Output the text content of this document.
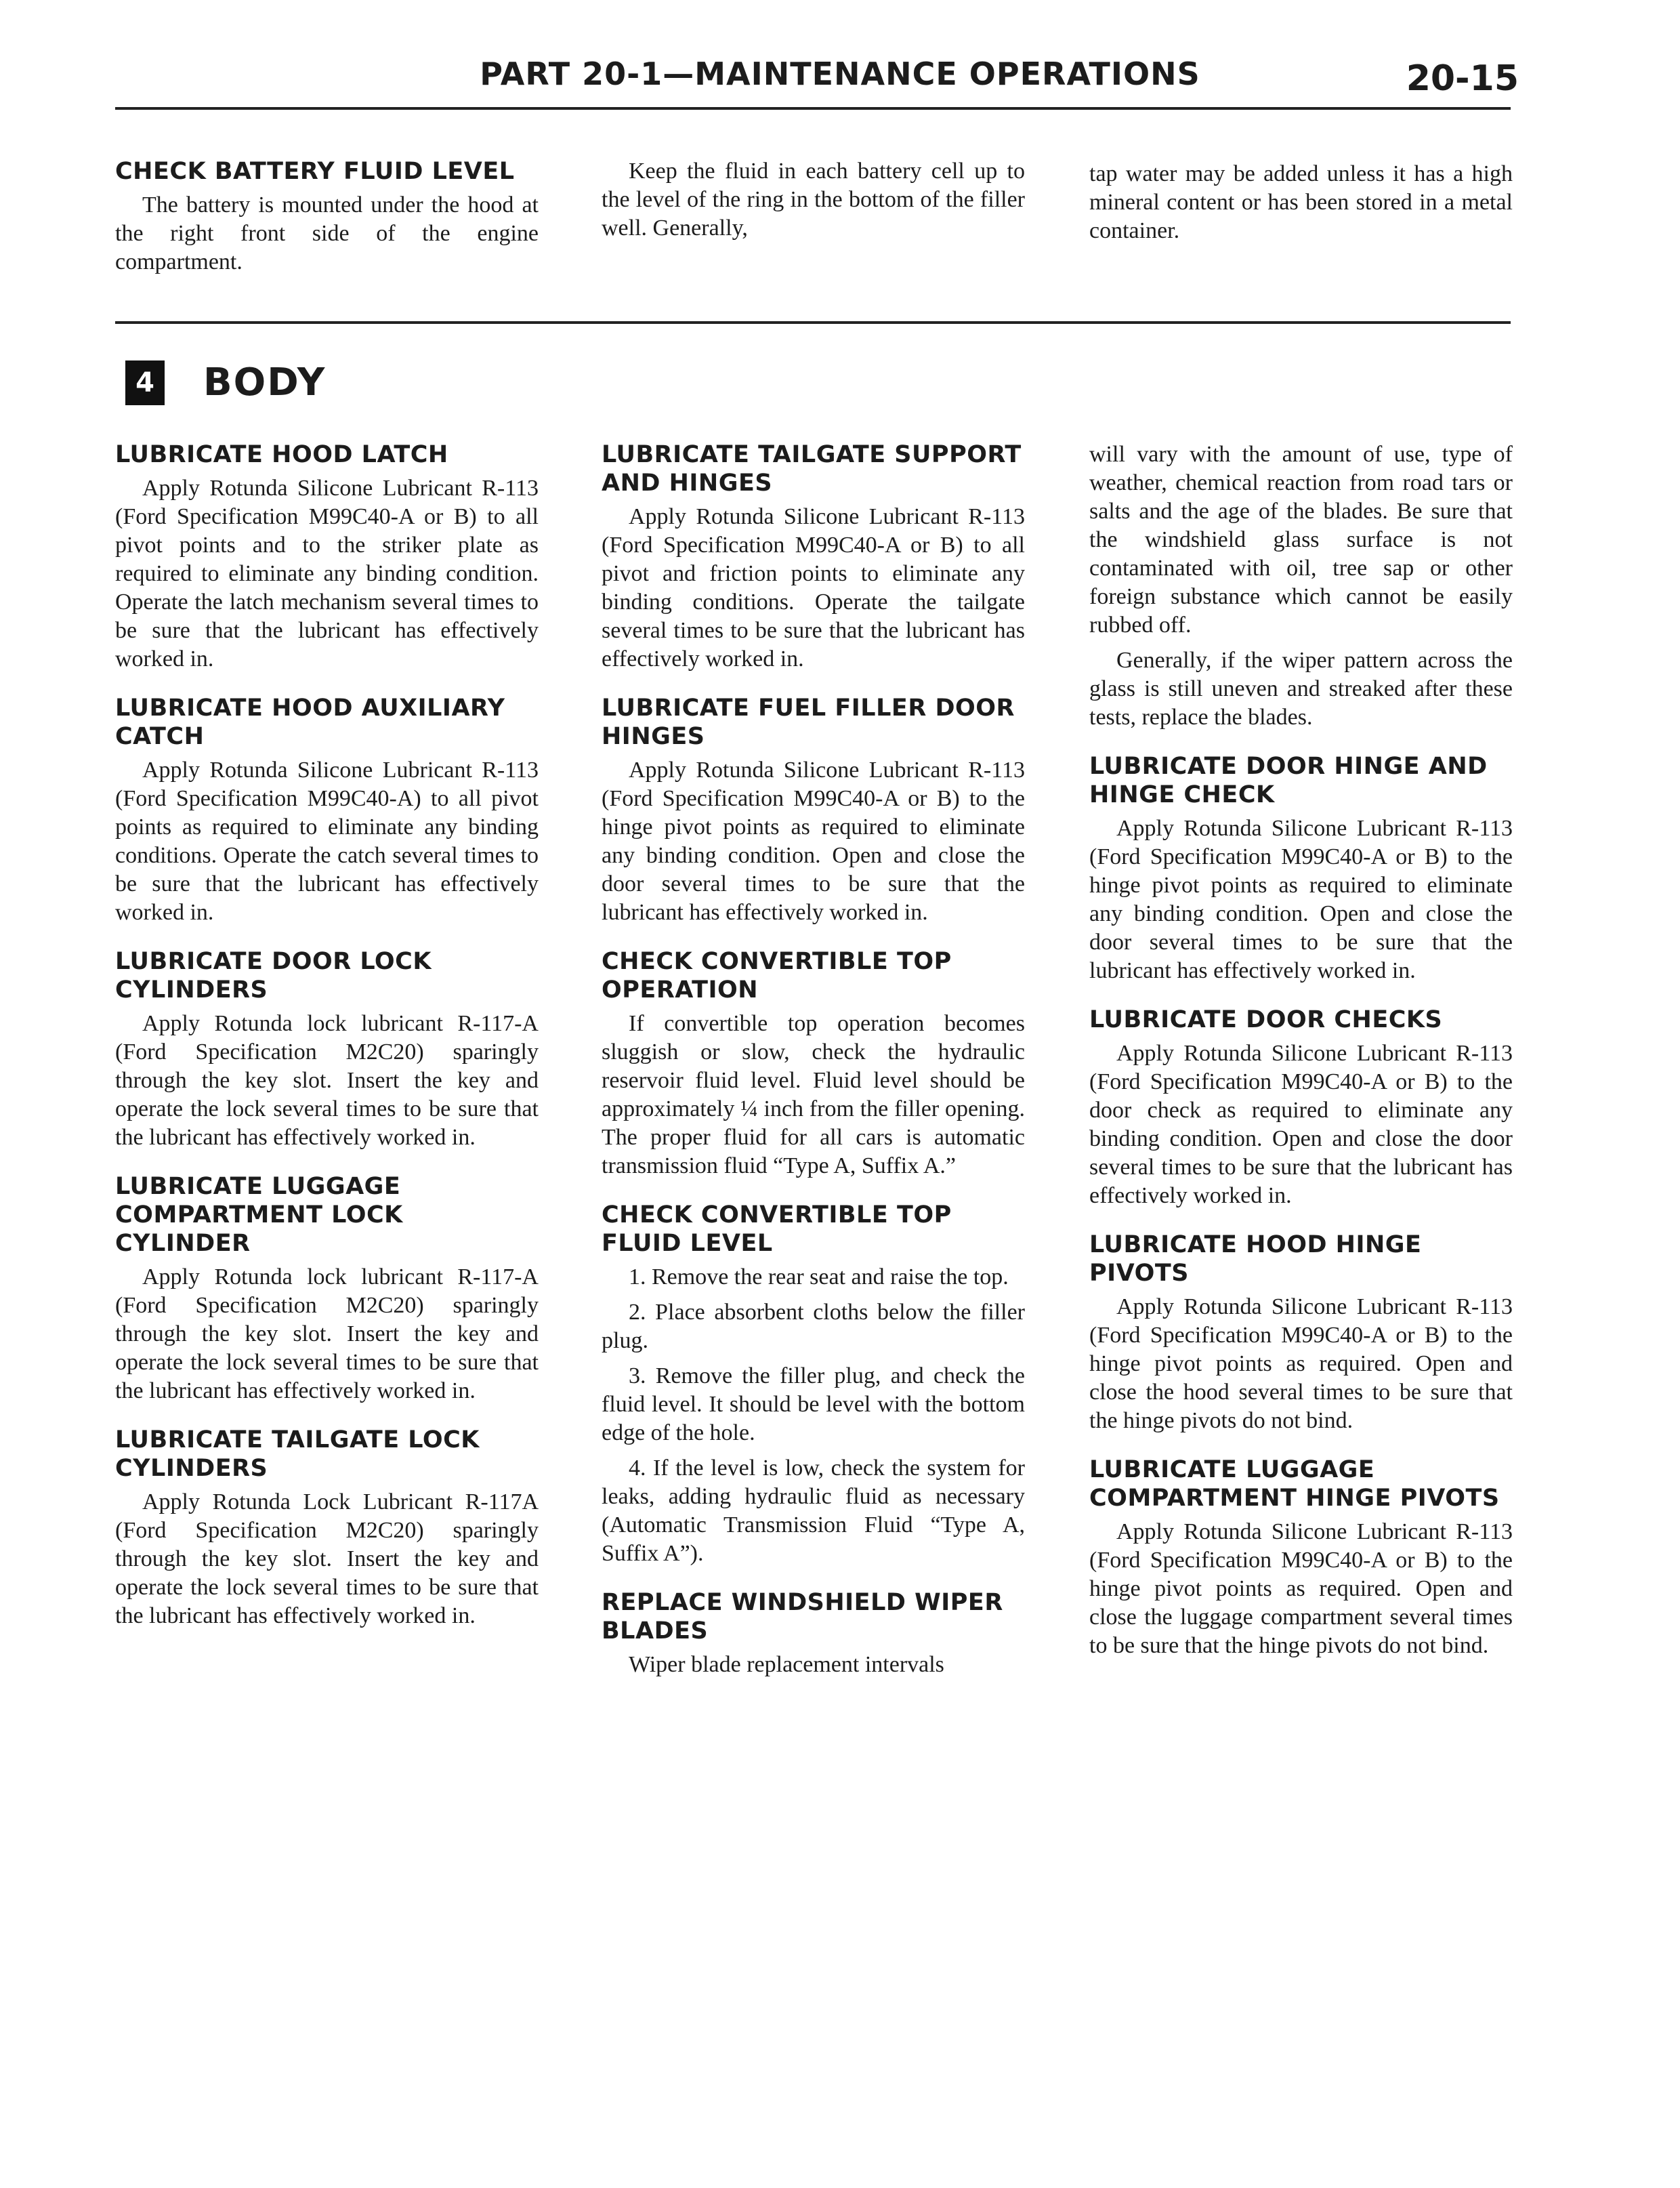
PART 20-1—MAINTENANCE OPERATIONS	20-15
CHECK BATTERY FLUID LEVEL

The battery is mounted under the hood at the right front side of the engine compartment.

Keep the fluid in each battery cell up to the level of the ring in the bottom of the filler well. Generally,

tap water may be added unless it has a high mineral content or has been stored in a metal container.

4 BODY
LUBRICATE HOOD LATCH

Apply Rotunda Silicone Lubricant R-113 (Ford Specification M99C40-A or B) to all pivot points and to the striker plate as required to eliminate any binding condition. Operate the latch mechanism several times to be sure that the lubricant has effectively worked in.

LUBRICATE HOOD AUXILIARY CATCH

Apply Rotunda Silicone Lubricant R-113 (Ford Specification M99C40-A) to all pivot points as required to eliminate any binding conditions. Operate the catch several times to be sure that the lubricant has effectively worked in.

LUBRICATE DOOR LOCK CYLINDERS

Apply Rotunda lock lubricant R-117-A (Ford Specification M2C20) sparingly through the key slot. Insert the key and operate the lock several times to be sure that the lubricant has effectively worked in.

LUBRICATE LUGGAGE COMPARTMENT LOCK CYLINDER

Apply Rotunda lock lubricant R-117-A (Ford Specification M2C20) sparingly through the key slot. Insert the key and operate the lock several times to be sure that the lubricant has effectively worked in.

LUBRICATE TAILGATE LOCK CYLINDERS

Apply Rotunda Lock Lubricant R-117A (Ford Specification M2C20) sparingly through the key slot. Insert the key and operate the lock several times to be sure that the lubricant has effectively worked in.

LUBRICATE TAILGATE SUPPORT AND HINGES

Apply Rotunda Silicone Lubricant R-113 (Ford Specification M99C40-A or B) to all pivot and friction points to eliminate any binding conditions. Operate the tailgate several times to be sure that the lubricant has effectively worked in.

LUBRICATE FUEL FILLER DOOR HINGES

Apply Rotunda Silicone Lubricant R-113 (Ford Specification M99C40-A or B) to the hinge pivot points as required to eliminate any binding condition. Open and close the door several times to be sure that the lubricant has effectively worked in.

CHECK CONVERTIBLE TOP OPERATION

If convertible top operation becomes sluggish or slow, check the hydraulic reservoir fluid level. Fluid level should be approximately ¼ inch from the filler opening. The proper fluid for all cars is automatic transmission fluid “Type A, Suffix A.”

CHECK CONVERTIBLE TOP FLUID LEVEL

1. Remove the rear seat and raise the top.

2. Place absorbent cloths below the filler plug.

3. Remove the filler plug, and check the fluid level. It should be level with the bottom edge of the hole.

4. If the level is low, check the system for leaks, adding hydraulic fluid as necessary (Automatic Transmission Fluid “Type A, Suffix A”).

REPLACE WINDSHIELD WIPER BLADES

Wiper blade replacement intervals

will vary with the amount of use, type of weather, chemical reaction from road tars or salts and the age of the blades. Be sure that the windshield glass surface is not contaminated with oil, tree sap or other foreign substance which cannot be easily rubbed off.

Generally, if the wiper pattern across the glass is still uneven and streaked after these tests, replace the blades.

LUBRICATE DOOR HINGE AND HINGE CHECK

Apply Rotunda Silicone Lubricant R-113 (Ford Specification M99C40-A or B) to the hinge pivot points as required to eliminate any binding condition. Open and close the door several times to be sure that the lubricant has effectively worked in.

LUBRICATE DOOR CHECKS

Apply Rotunda Silicone Lubricant R-113 (Ford Specification M99C40-A or B) to the door check as required to eliminate any binding condition. Open and close the door several times to be sure that the lubricant has effectively worked in.

LUBRICATE HOOD HINGE PIVOTS

Apply Rotunda Silicone Lubricant R-113 (Ford Specification M99C40-A or B) to the hinge pivot points as required. Open and close the hood several times to be sure that the hinge pivots do not bind.

LUBRICATE LUGGAGE COMPARTMENT HINGE PIVOTS

Apply Rotunda Silicone Lubricant R-113 (Ford Specification M99C40-A or B) to the hinge pivot points as required. Open and close the luggage compartment several times to be sure that the hinge pivots do not bind.
